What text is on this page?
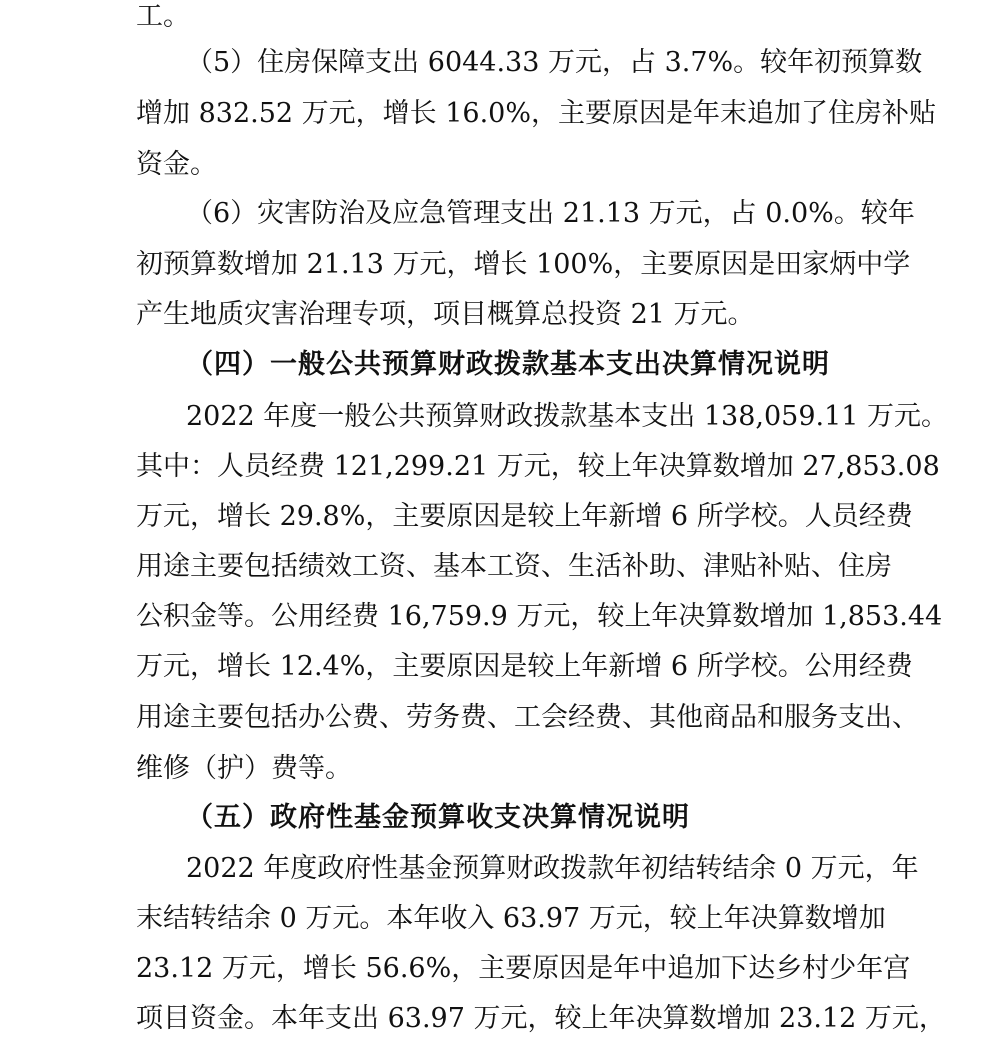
工。
（5）住房保障支出 6044.33 万元，占 3.7%。较年初预算数
增加 832.52 万元，增长 16.0%，主要原因是年末追加了住房补贴
资金。
（6）灾害防治及应急管理支出 21.13 万元，占 0.0%。较年
初预算数增加 21.13 万元，增长 100%，主要原因是田家炳中学
产生地质灾害治理专项，项目概算总投资 21 万元。
（四）一般公共预算财政拨款基本支出决算情况说明
2022 年度一般公共预算财政拨款基本支出 138,059.11 万元。
其中：人员经费 121,299.21 万元，较上年决算数增加 27,853.08
万元，增长 29.8%，主要原因是较上年新增 6 所学校。人员经费
用途主要包括绩效工资、基本工资、生活补助、津贴补贴、住房
公积金等。公用经费 16,759.9 万元，较上年决算数增加 1,853.44
万元，增长 12.4%，主要原因是较上年新增 6 所学校。公用经费
用途主要包括办公费、劳务费、工会经费、其他商品和服务支出、
维修（护）费等。
（五）政府性基金预算收支决算情况说明
2022 年度政府性基金预算财政拨款年初结转结余 0 万元，年
末结转结余 0 万元。本年收入 63.97 万元，较上年决算数增加
23.12 万元，增长 56.6%，主要原因是年中追加下达乡村少年宫
项目资金。本年支出 63.97 万元，较上年决算数增加 23.12 万元，
